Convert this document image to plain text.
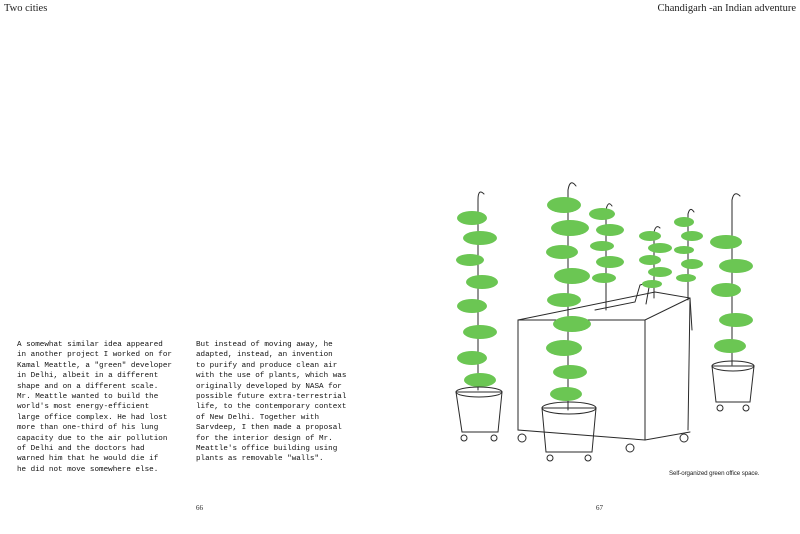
Two cities	Chandigarh -an Indian adventure
A somewhat similar idea appeared
in another project I worked on for
Kamal Meattle, a "green" developer
in Delhi, albeit in a different
shape and on a different scale.
Mr. Meattle wanted to build the
world's most energy-efficient
large office complex. He had lost
more than one-third of his lung
capacity due to the air pollution
of Delhi and the doctors had
warned him that he would die if
he did not move somewhere else.
But instead of moving away, he
adapted, instead, an invention
to purify and produce clean air
with the use of plants, which was
originally developed by NASA for
possible future extra-terrestrial
life, to the contemporary context
of New Delhi. Together with
Sarvdeep, I then made a proposal
for the interior design of Mr.
Meattle's office building using
plants as removable "walls".
Self-organized green office space.
66	67
